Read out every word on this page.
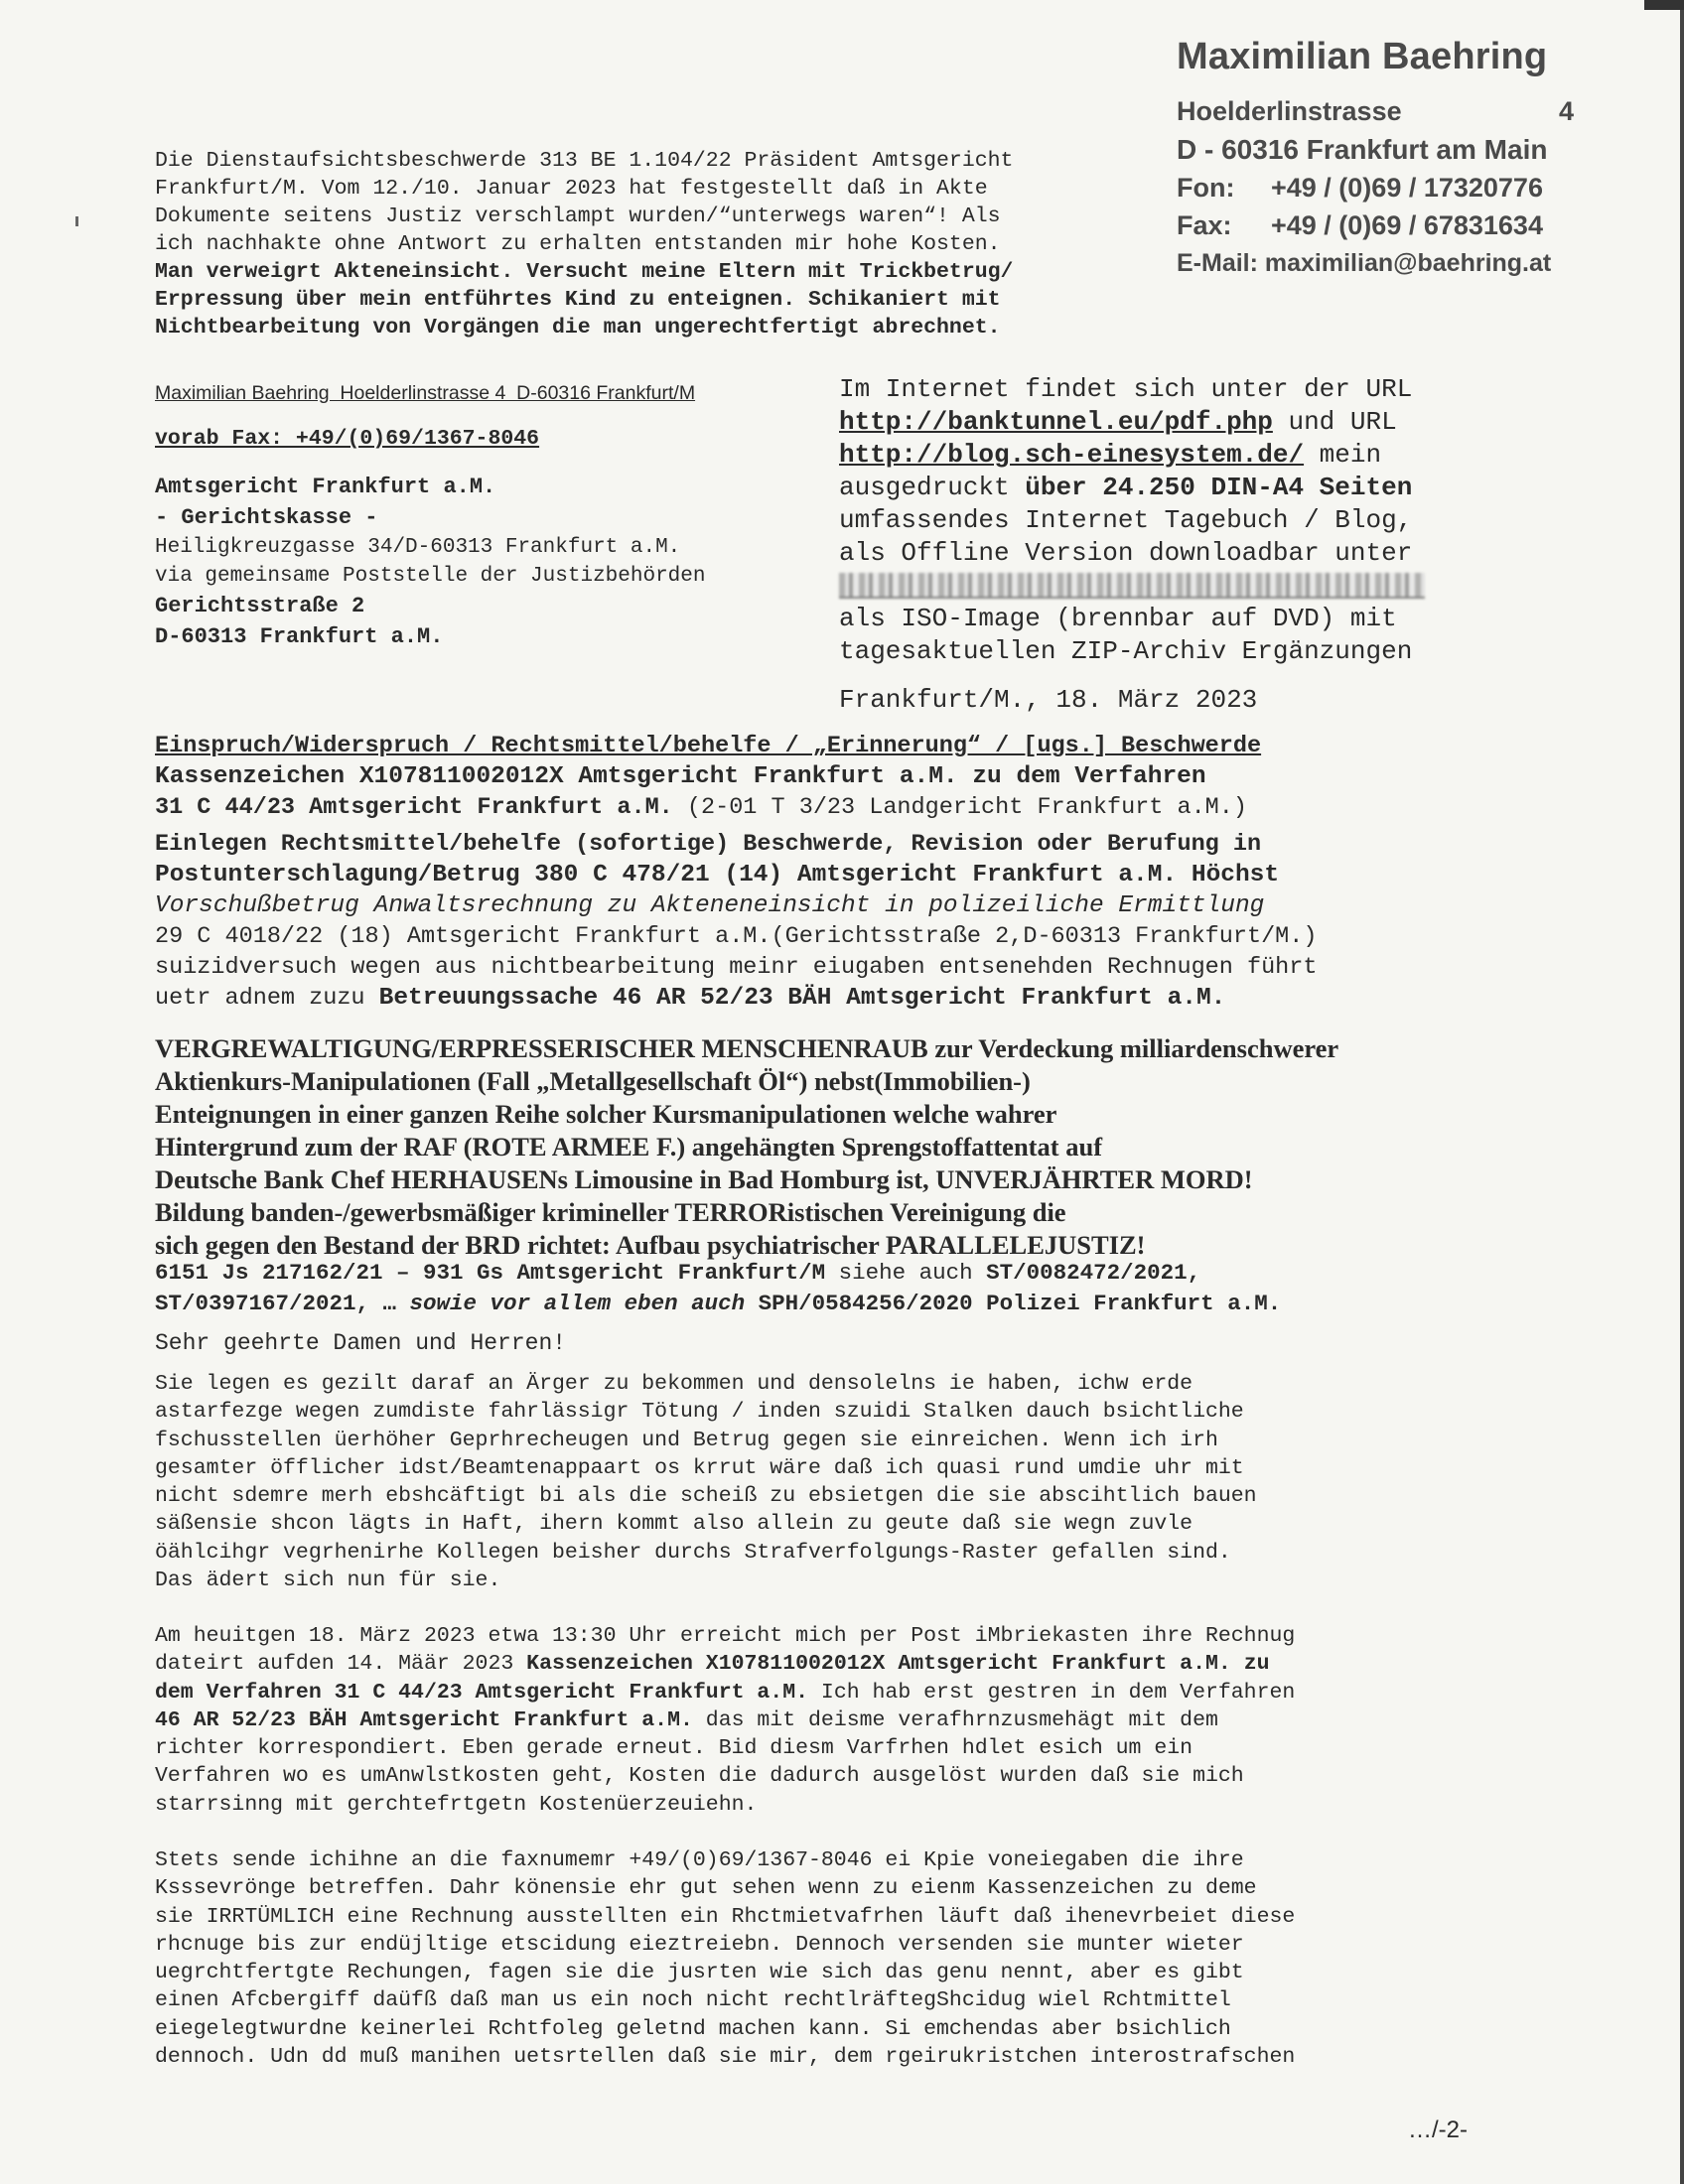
Maximilian Baehring
Hoelderlinstrasse	4
D - 60316 Frankfurt am Main
Fon:	+49 / (0)69 / 17320776
Fax:	+49 / (0)69 / 67831634
E-Mail: maximilian@baehring.at
Die Dienstaufsichtsbeschwerde 313 BE 1.104/22 Präsident Amtsgericht
Frankfurt/M. Vom 12./10. Januar 2023 hat festgestellt daß in Akte
Dokumente seitens Justiz verschlampt wurden/“unterwegs waren“! Als
ich nachhakte ohne Antwort zu erhalten entstanden mir hohe Kosten.
Man verweigrt Akteneinsicht. Versucht meine Eltern mit Trickbetrug/
Erpressung über mein entführtes Kind zu enteignen. Schikaniert mit
Nichtbearbeitung von Vorgängen die man ungerechtfertigt abrechnet.
Maximilian Baehring  Hoelderlinstrasse 4  D-60316 Frankfurt/M
vorab Fax: +49/(0)69/1367-8046
Amtsgericht Frankfurt a.M.
- Gerichtskasse -
Heiligkreuzgasse 34/D-60313 Frankfurt a.M.
via gemeinsame Poststelle der Justizbehörden
Gerichtsstraße 2
D-60313 Frankfurt a.M.
Im Internet findet sich unter der URL
http://banktunnel.eu/pdf.php und URL
http://blog.sch-einesystem.de/ mein
ausgedruckt über 24.250 DIN-A4 Seiten
umfassendes Internet Tagebuch / Blog,
als Offline Version downloadbar unter
als ISO-Image (brennbar auf DVD) mit
tagesaktuellen ZIP-Archiv Ergänzungen
Frankfurt/M., 18. März 2023
Einspruch/Widerspruch / Rechtsmittel/behelfe / „Erinnerung“ / [ugs.] Beschwerde
Kassenzeichen X107811002012X Amtsgericht Frankfurt a.M. zu dem Verfahren
31 C 44/23 Amtsgericht Frankfurt a.M. (2-01 T 3/23 Landgericht Frankfurt a.M.)
Einlegen Rechtsmittel/behelfe (sofortige) Beschwerde, Revision oder Berufung in
Postunterschlagung/Betrug 380 C 478/21 (14) Amtsgericht Frankfurt a.M. Höchst
Vorschußbetrug Anwaltsrechnung zu Akteneneinsicht in polizeiliche Ermittlung
29 C 4018/22 (18) Amtsgericht Frankfurt a.M.(Gerichtsstraße 2,D-60313 Frankfurt/M.)
suizidversuch wegen aus nichtbearbeitung meinr eiugaben entsenehden Rechnugen führt
uetr adnem zuzu Betreuungssache 46 AR 52/23 BÄH Amtsgericht Frankfurt a.M.
VERGREWALTIGUNG/ERPRESSERISCHER MENSCHENRAUB zur Verdeckung milliardenschwerer
Aktienkurs-Manipulationen (Fall „Metallgesellschaft Öl“) nebst(Immobilien-)
Enteignungen in einer ganzen Reihe solcher Kursmanipulationen welche wahrer
Hintergrund zum der RAF (ROTE ARMEE F.) angehängten Sprengstoffattentat auf
Deutsche Bank Chef HERHAUSENs Limousine in Bad Homburg ist, UNVERJÄHRTER MORD!
Bildung banden-/gewerbsmäßiger krimineller TERRORistischen Vereinigung die
sich gegen den Bestand der BRD richtet: Aufbau psychiatrischer PARALLELEJUSTIZ!
6151 Js 217162/21 – 931 Gs Amtsgericht Frankfurt/M siehe auch ST/0082472/2021,
ST/0397167/2021, … sowie vor allem eben auch SPH/0584256/2020 Polizei Frankfurt a.M.
Sehr geehrte Damen und Herren!
Sie legen es gezilt daraf an Ärger zu bekommen und densolelns ie haben, ichw erde
astarfezge wegen zumdiste fahrlässigr Tötung / inden szuidi Stalken dauch bsichtliche
fschusstellen üerhöher Geprhrecheugen und Betrug gegen sie einreichen. Wenn ich irh
gesamter öfflicher idst/Beamtenappaart os krrut wäre daß ich quasi rund umdie uhr mit
nicht sdemre merh ebshcäftigt bi als die scheiß zu ebsietgen die sie abscihtlich bauen
säßensie shcon lägts in Haft, ihern kommt also allein zu geute daß sie wegn zuvle
öählcihgr vegrhenirhe Kollegen beisher durchs Strafverfolgungs-Raster gefallen sind.
Das ädert sich nun für sie.
Am heuitgen 18. März 2023 etwa 13:30 Uhr erreicht mich per Post iMbriekasten ihre Rechnug
dateirt aufden 14. Määr 2023 Kassenzeichen X107811002012X Amtsgericht Frankfurt a.M. zu
dem Verfahren 31 C 44/23 Amtsgericht Frankfurt a.M. Ich hab erst gestren in dem Verfahren
46 AR 52/23 BÄH Amtsgericht Frankfurt a.M. das mit deisme verafhrnzusmehägt mit dem
richter korrespondiert. Eben gerade erneut. Bid diesm Varfrhen hdlet esich um ein
Verfahren wo es umAnwlstkosten geht, Kosten die dadurch ausgelöst wurden daß sie mich
starrsinng mit gerchtefrtgetn Kostenüerzeuiehn.
Stets sende ichihne an die faxnumemr +49/(0)69/1367-8046 ei Kpie voneiegaben die ihre
Ksssevrönge betreffen. Dahr könensie ehr gut sehen wenn zu eienm Kassenzeichen zu deme
sie IRRTÜMLICH eine Rechnung ausstellten ein Rhctmietvafrhen läuft daß ihenevrbeiet diese
rhcnuge bis zur endüjltige etscidung eieztreiebn. Dennoch versenden sie munter wieter
uegrchtfertgte Rechungen, fagen sie die jusrten wie sich das genu nennt, aber es gibt
einen Afcbergiff daüfß daß man us ein noch nicht rechtlräftegShcidug wiel Rchtmittel
eiegelegtwurdne keinerlei Rchtfoleg geletnd machen kann. Si emchendas aber bsichlich
dennoch. Udn dd muß manihen uetsrtellen daß sie mir, dem rgeirukristchen interostrafschen
…/-2-
